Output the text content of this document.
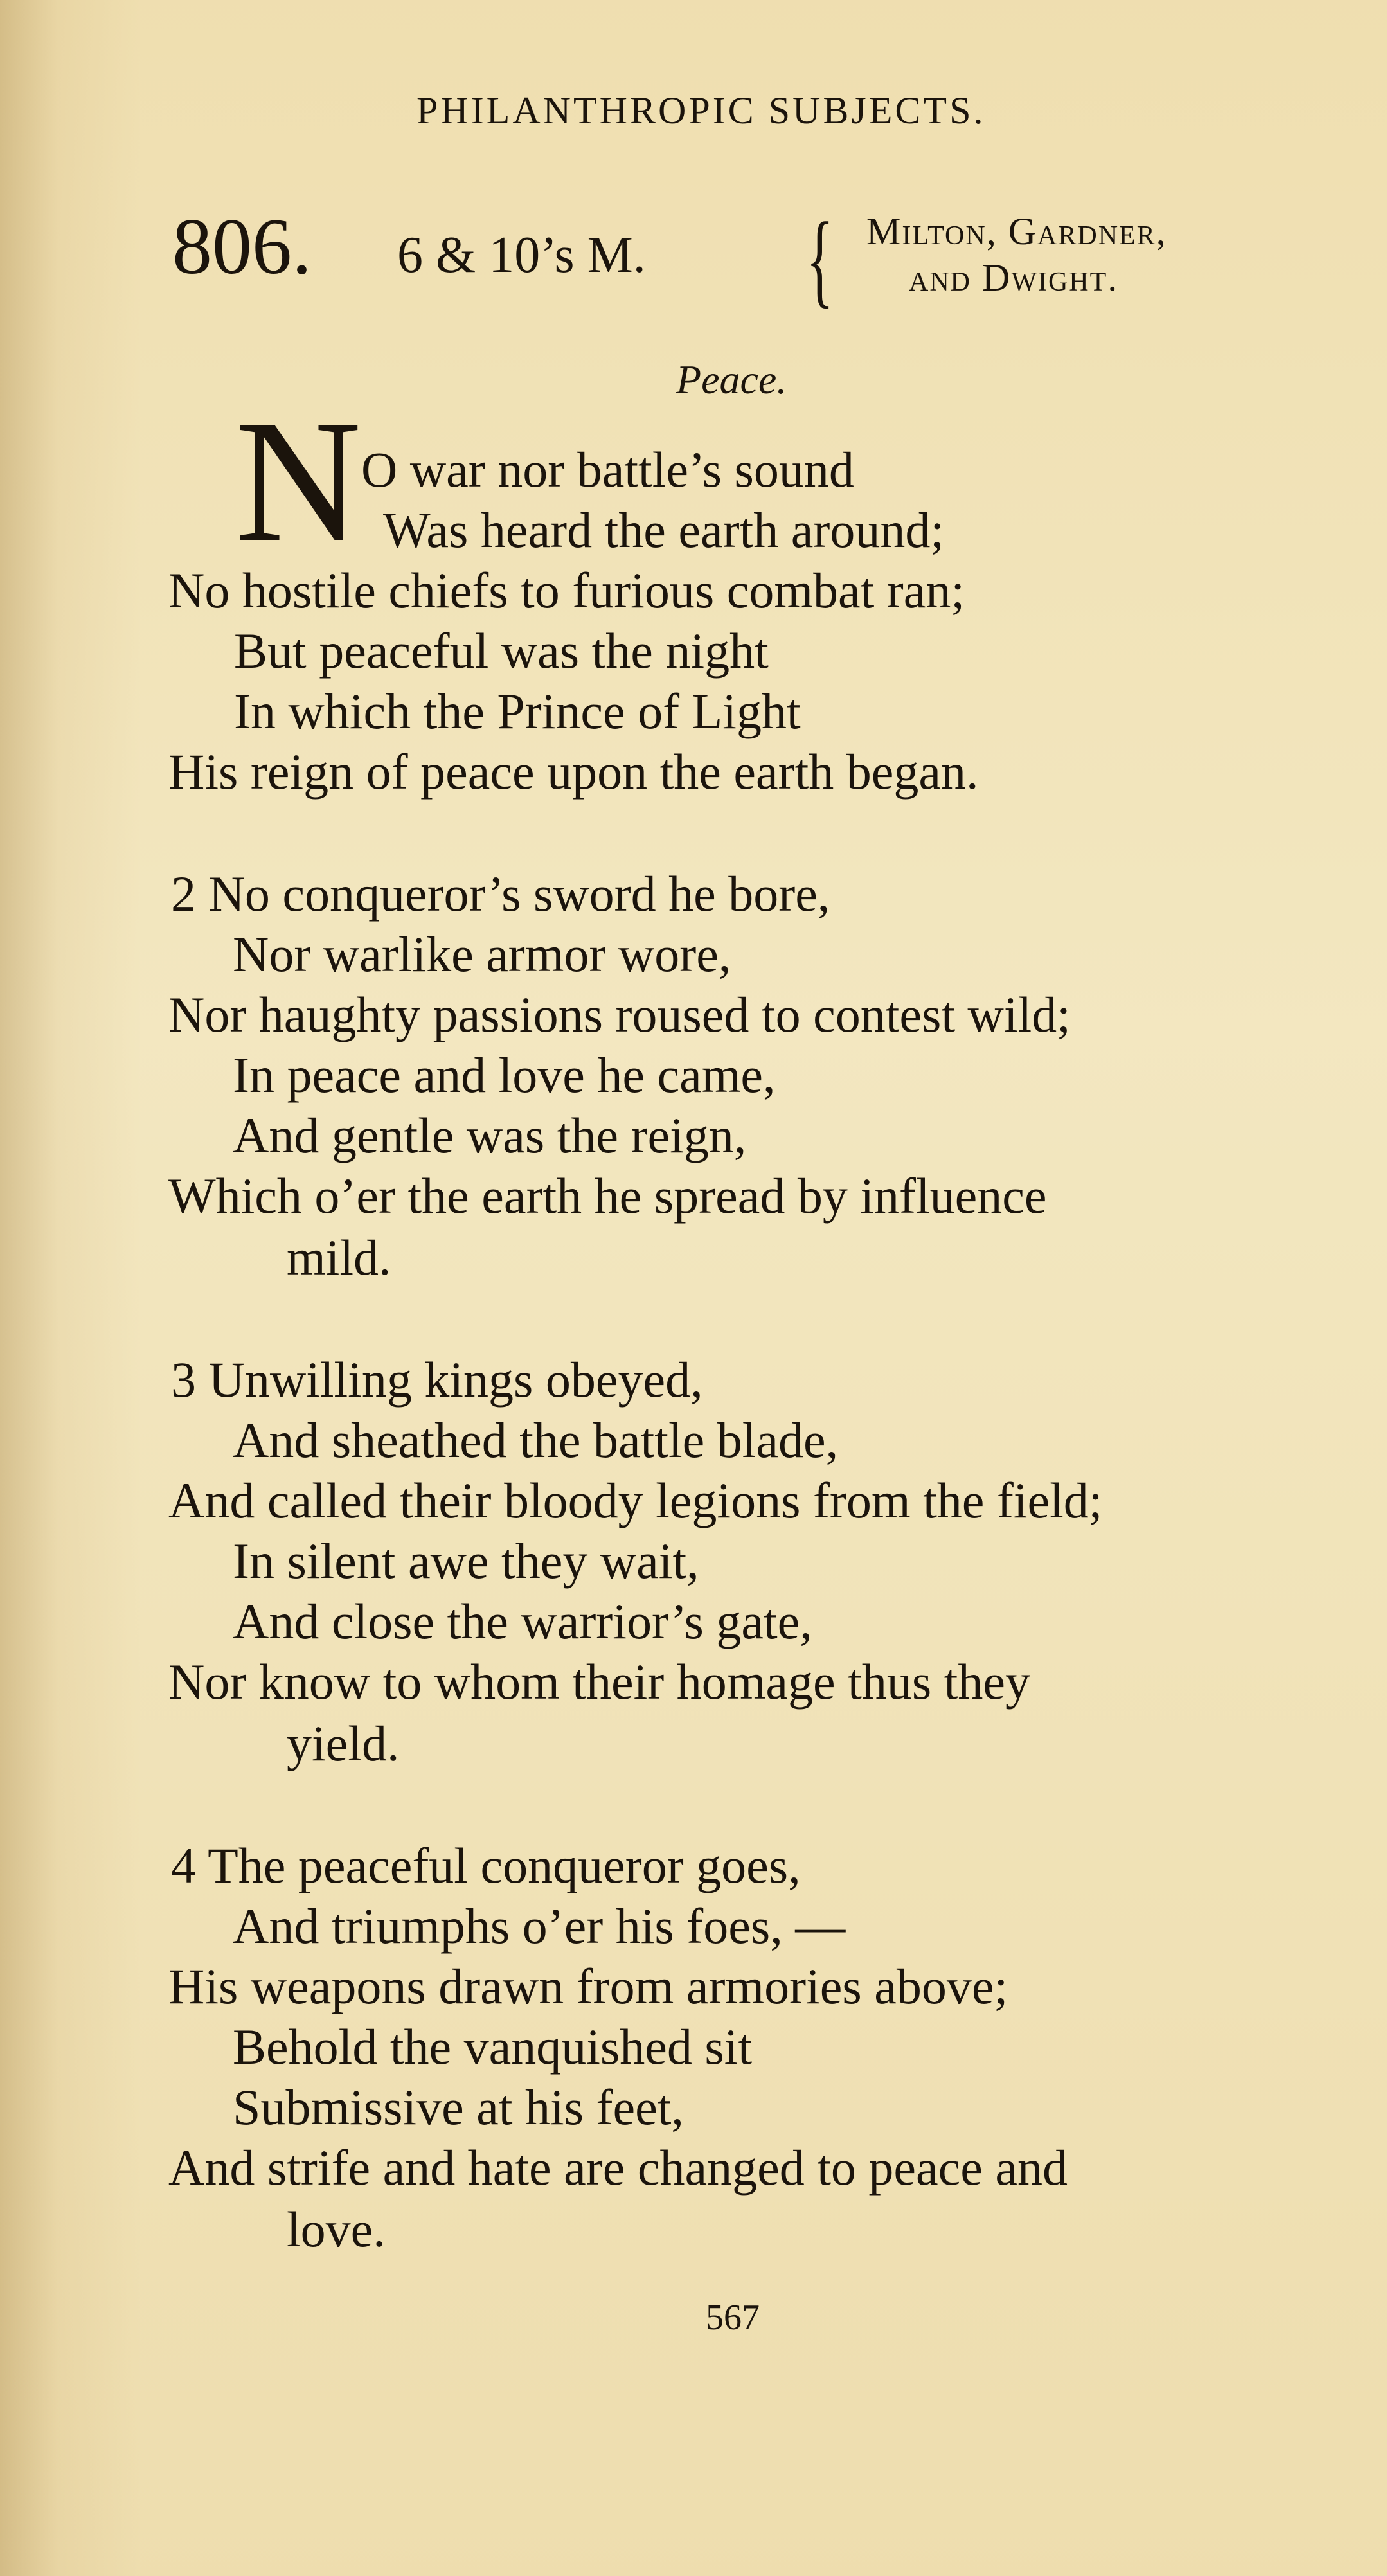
PHILANTHROPIC SUBJECTS.
806. 6 & 10’s M. { Milton, Gardner,
and Dwight.
Peace.
N O war nor battle’s sound
Was heard the earth around;
No hostile chiefs to furious combat ran;
But peaceful was the night
In which the Prince of Light
His reign of peace upon the earth began.
2 No conqueror’s sword he bore,
Nor warlike armor wore,
Nor haughty passions roused to contest wild;
In peace and love he came,
And gentle was the reign,
Which o’er the earth he spread by influence
mild.
3 Unwilling kings obeyed,
And sheathed the battle blade,
And called their bloody legions from the field;
In silent awe they wait,
And close the warrior’s gate,
Nor know to whom their homage thus they
yield.
4 The peaceful conqueror goes,
And triumphs o’er his foes, —
His weapons drawn from armories above;
Behold the vanquished sit
Submissive at his feet,
And strife and hate are changed to peace and
love.
567
